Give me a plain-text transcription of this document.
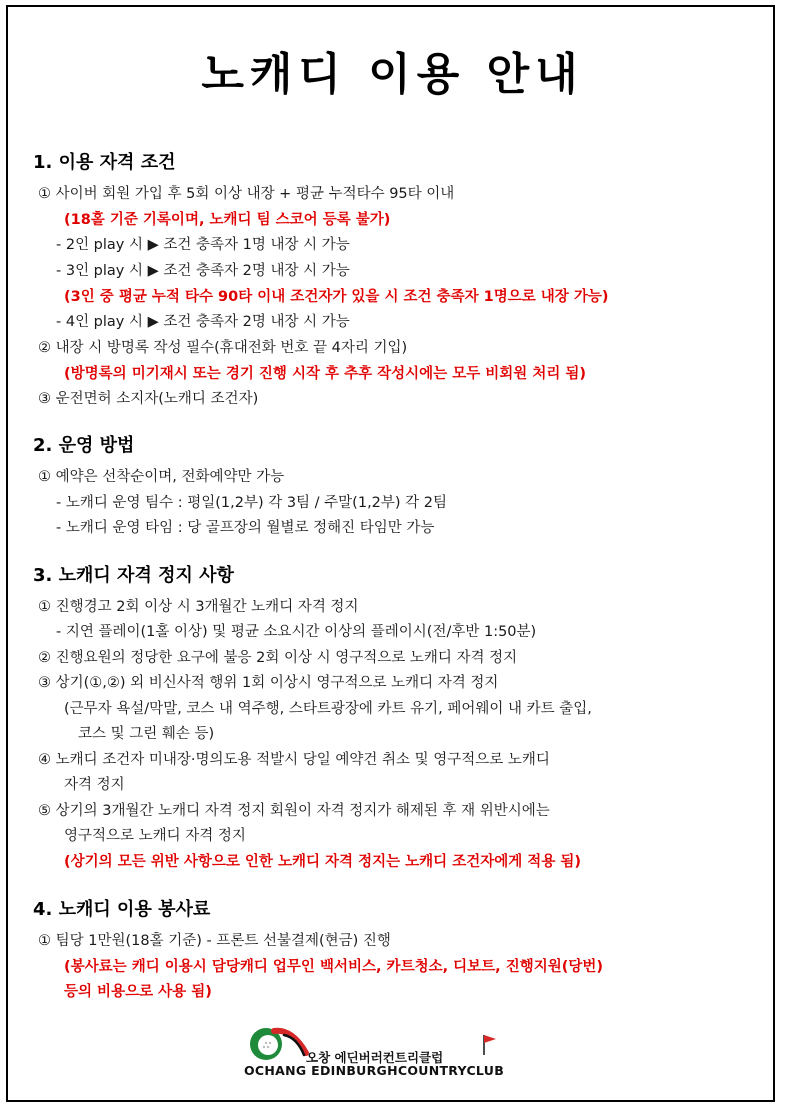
노캐디 이용 안내
1. 이용 자격 조건
① 사이버 회원 가입 후 5회 이상 내장 + 평균 누적타수 95타 이내
(18홀 기준 기록이며, 노캐디 팀 스코어 등록 불가)
- 2인 play 시 ▶ 조건 충족자 1명 내장 시 가능
- 3인 play 시 ▶ 조건 충족자 2명 내장 시 가능
(3인 중 평균 누적 타수 90타 이내 조건자가 있을 시 조건 충족자 1명으로 내장 가능)
- 4인 play 시 ▶ 조건 충족자 2명 내장 시 가능
② 내장 시 방명록 작성 필수(휴대전화 번호 끝 4자리 기입)
(방명록의 미기재시 또는 경기 진행 시작 후 추후 작성시에는 모두 비회원 처리 됨)
③ 운전면허 소지자(노캐디 조건자)
2. 운영 방법
① 예약은 선착순이며, 전화예약만 가능
- 노캐디 운영 팀수 : 평일(1,2부) 각 3팀 / 주말(1,2부) 각 2팀
- 노캐디 운영 타임 : 당 골프장의 월별로 정해진 타임만 가능
3. 노캐디 자격 정지 사항
① 진행경고 2회 이상 시 3개월간 노캐디 자격 정지
- 지연 플레이(1홀 이상) 및 평균 소요시간 이상의 플레이시(전/후반 1:50분)
② 진행요원의 정당한 요구에 불응 2회 이상 시 영구적으로 노캐디 자격 정지
③ 상기(①,②) 외 비신사적 행위 1회 이상시 영구적으로 노캐디 자격 정지
(근무자 욕설/막말, 코스 내 역주행, 스타트광장에 카트 유기, 페어웨이 내 카트 출입,
코스 및 그린 훼손 등)
④ 노캐디 조건자 미내장·명의도용 적발시 당일 예약건 취소 및 영구적으로 노캐디
자격 정지
⑤ 상기의 3개월간 노캐디 자격 정지 회원이 자격 정지가 해제된 후 재 위반시에는
영구적으로 노캐디 자격 정지
(상기의 모든 위반 사항으로 인한 노캐디 자격 정지는 노캐디 조건자에게 적용 됨)
4. 노캐디 이용 봉사료
① 팀당 1만원(18홀 기준) - 프론트 선불결제(현금) 진행
(봉사료는 캐디 이용시 담당캐디 업무인 백서비스, 카트청소, 디보트, 진행지원(당번)
등의 비용으로 사용 됨)
오창 에딘버러컨트리클럽
OCHANG EDINBURGHCOUNTRYCLUB
